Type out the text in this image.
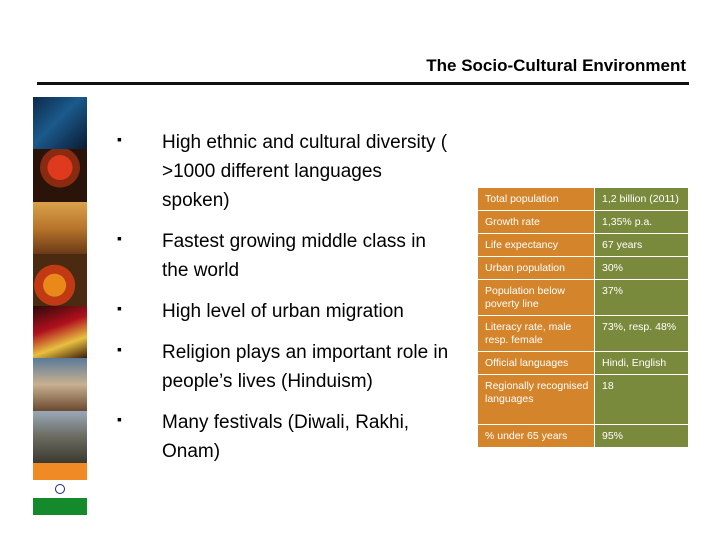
The Socio-Cultural Environment
▪ High ethnic and cultural diversity ( >1000 different languages spoken)
▪ Fastest growing middle class in the world
▪ High level of urban migration
▪ Religion plays an important role in people’s lives (Hinduism)
▪ Many festivals (Diwali, Rakhi, Onam)
Total population	1,2 billion (2011)
Growth rate	1,35% p.a.
Life expectancy	67 years
Urban population	30%
Population below poverty line	37%
Literacy rate, male resp. female	73%, resp. 48%
Official languages	Hindi, English
Regionally recognised languages	18
% under 65 years	95%
